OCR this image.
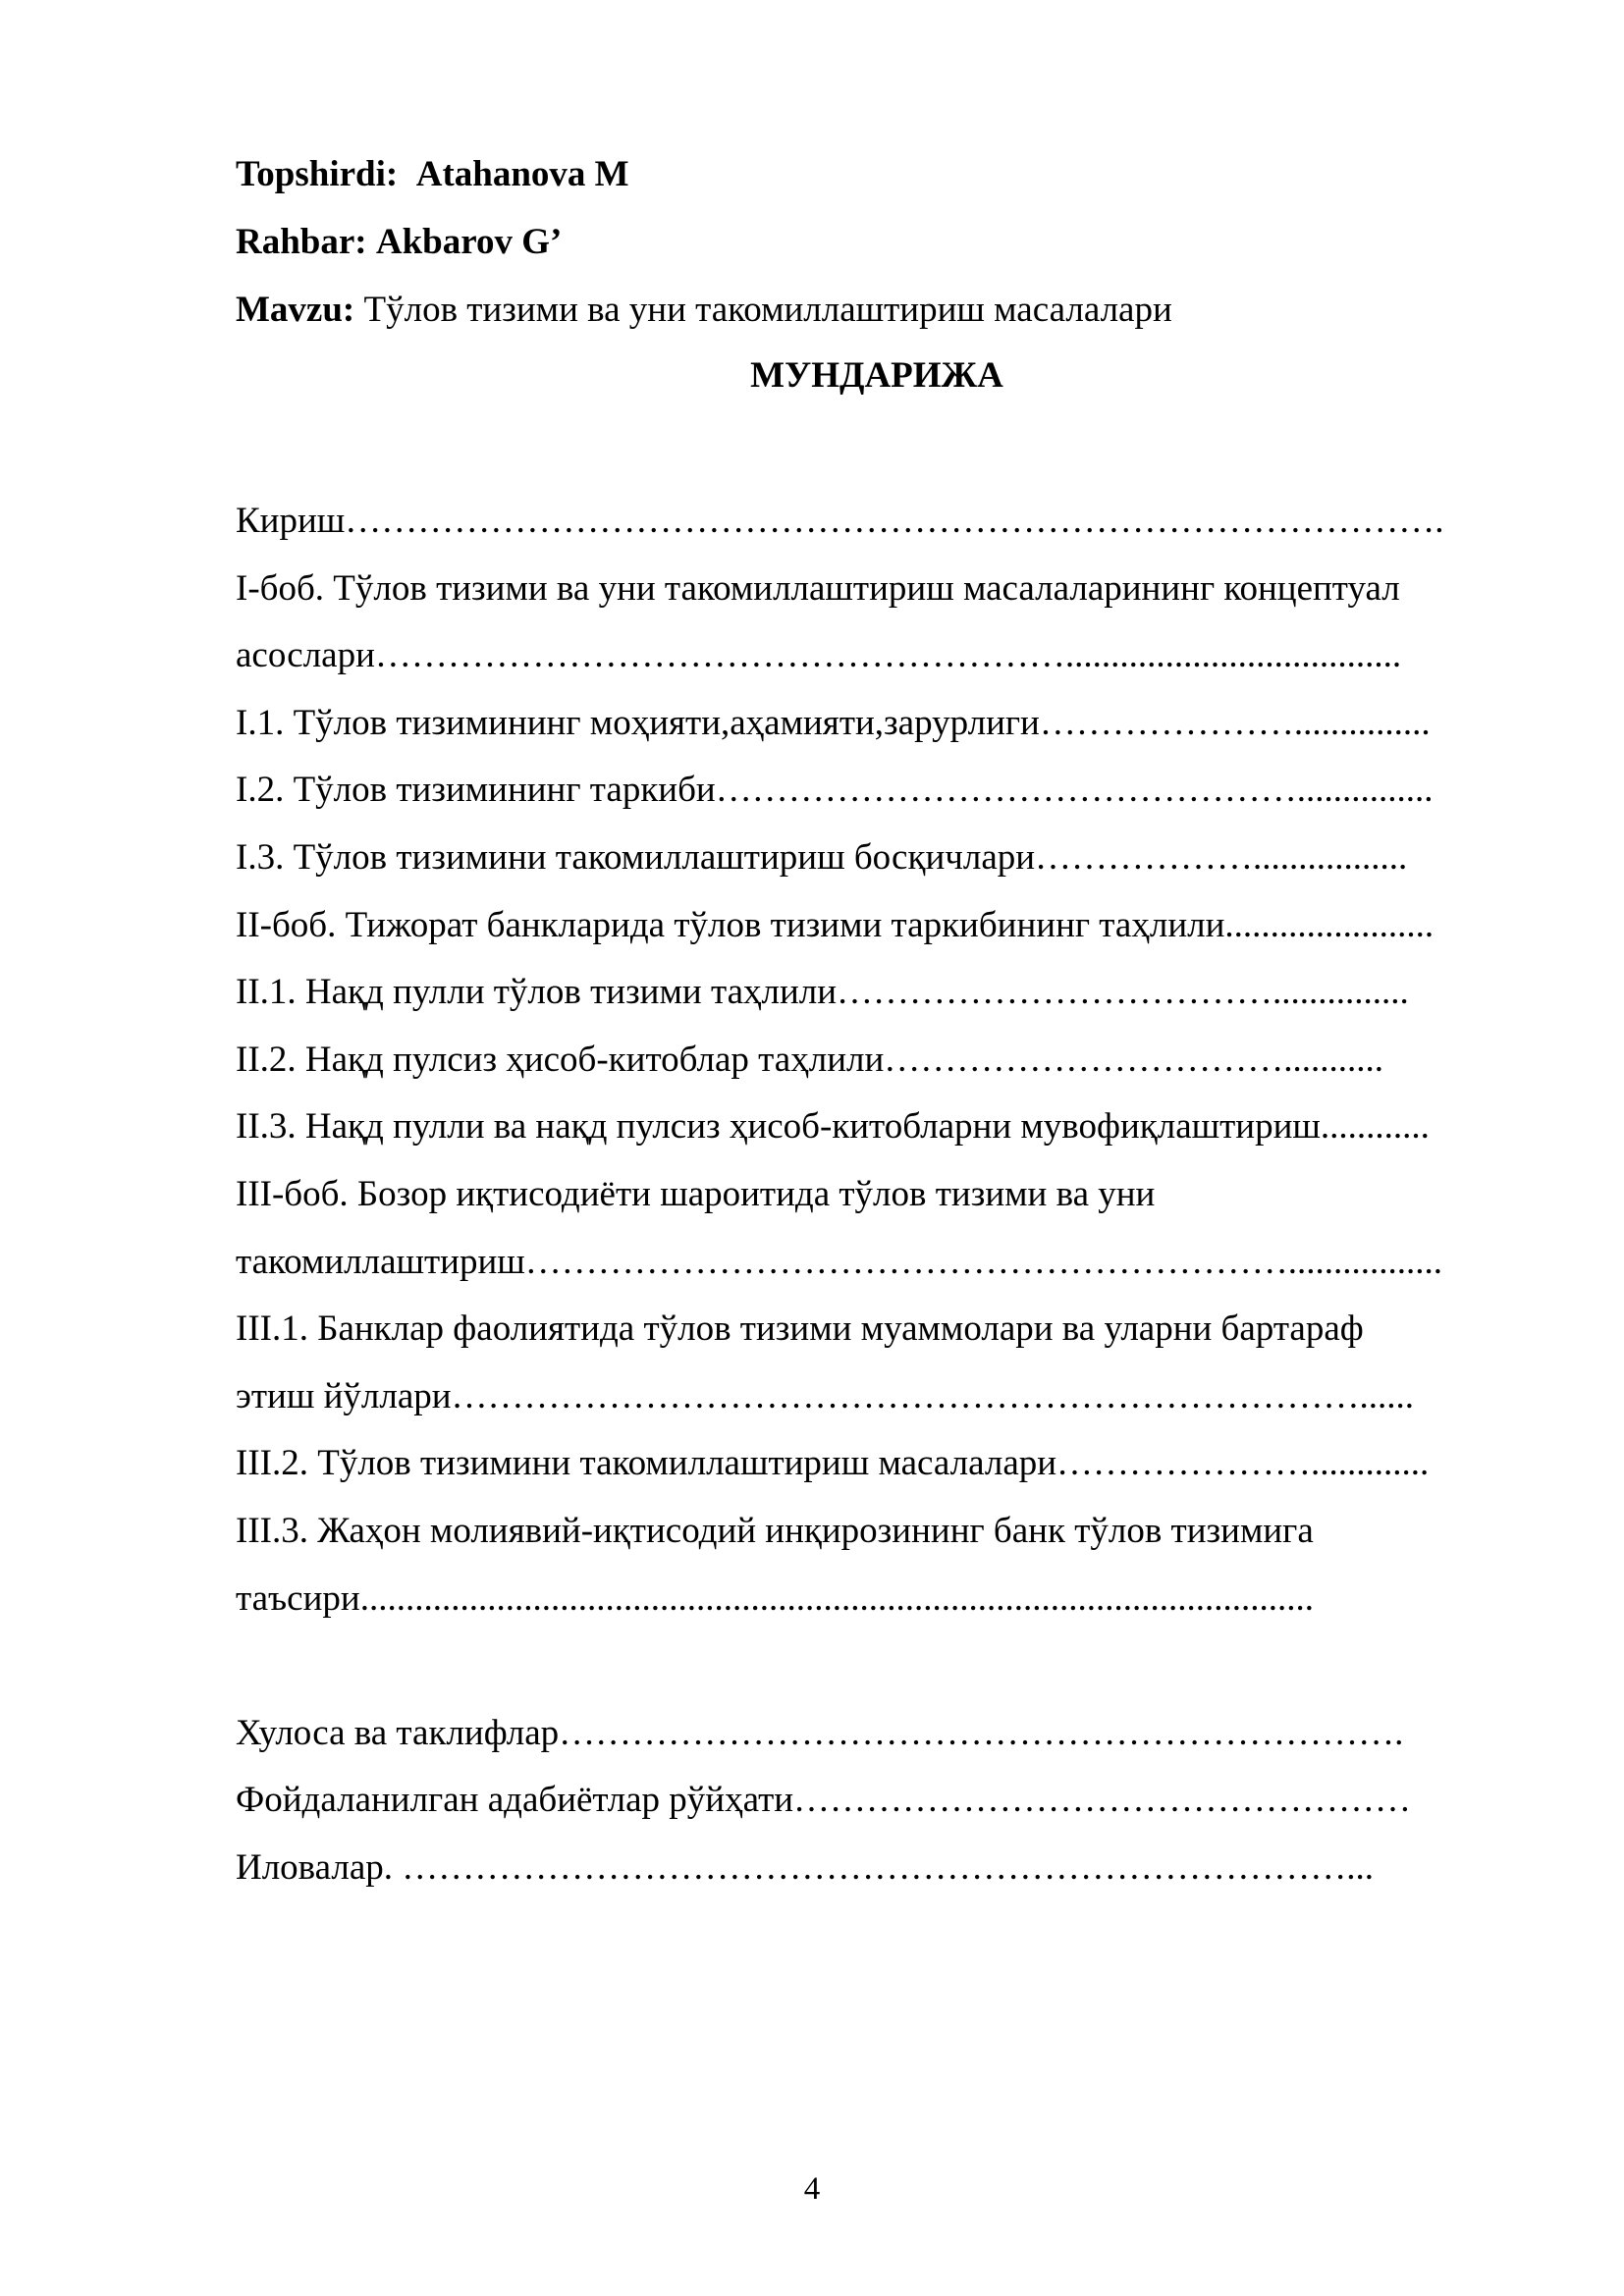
Topshirdi: Atahanova M
Rahbar: Akbarov G’
Mavzu: Тўлов тизими ва уни такомиллаштириш масалалари
МУНДАРИЖА
Кириш……………………………………………………………………………….
I-боб. Тўлов тизими ва уни такомиллаштириш масалаларининг концептуал
асослари………………………………………………….....................................
I.1. Тўлов тизимининг моҳияти,аҳамияти,зарурлиги…………………...............
I.2. Тўлов тизимининг таркиби…………………………………………...............
I.3. Тўлов тизимини такомиллаштириш босқичлари……………….................
II-боб. Тижорат банкларида тўлов тизими таркибининг таҳлили.......................
II.1. Нақд пулли тўлов тизими таҳлили………………………………...............
II.2. Нақд пулсиз ҳисоб-китоблар таҳлили……………………………...........
II.3. Нақд пулли ва нақд пулсиз ҳисоб-китобларни мувофиқлаштириш............
III-боб. Бозор иқтисодиёти шароитида тўлов тизими ва уни
такомиллаштириш……………………………………………………….................
III.1. Банклар фаолиятида тўлов тизими муаммолари ва уларни бартараф
этиш йўллари…………………………………………………………………......
III.2. Тўлов тизимини такомиллаштириш масалалари………………….............
III.3. Жаҳон молиявий-иқтисодий инқирозининг банк тўлов тизимига
таъсири.........................................................................................................
Хулоса ва таклифлар…………………………………………………………….
Фойдаланилган адабиётлар рўйҳати……………………………………………
Иловалар. ……………………………………………………………………...
4
